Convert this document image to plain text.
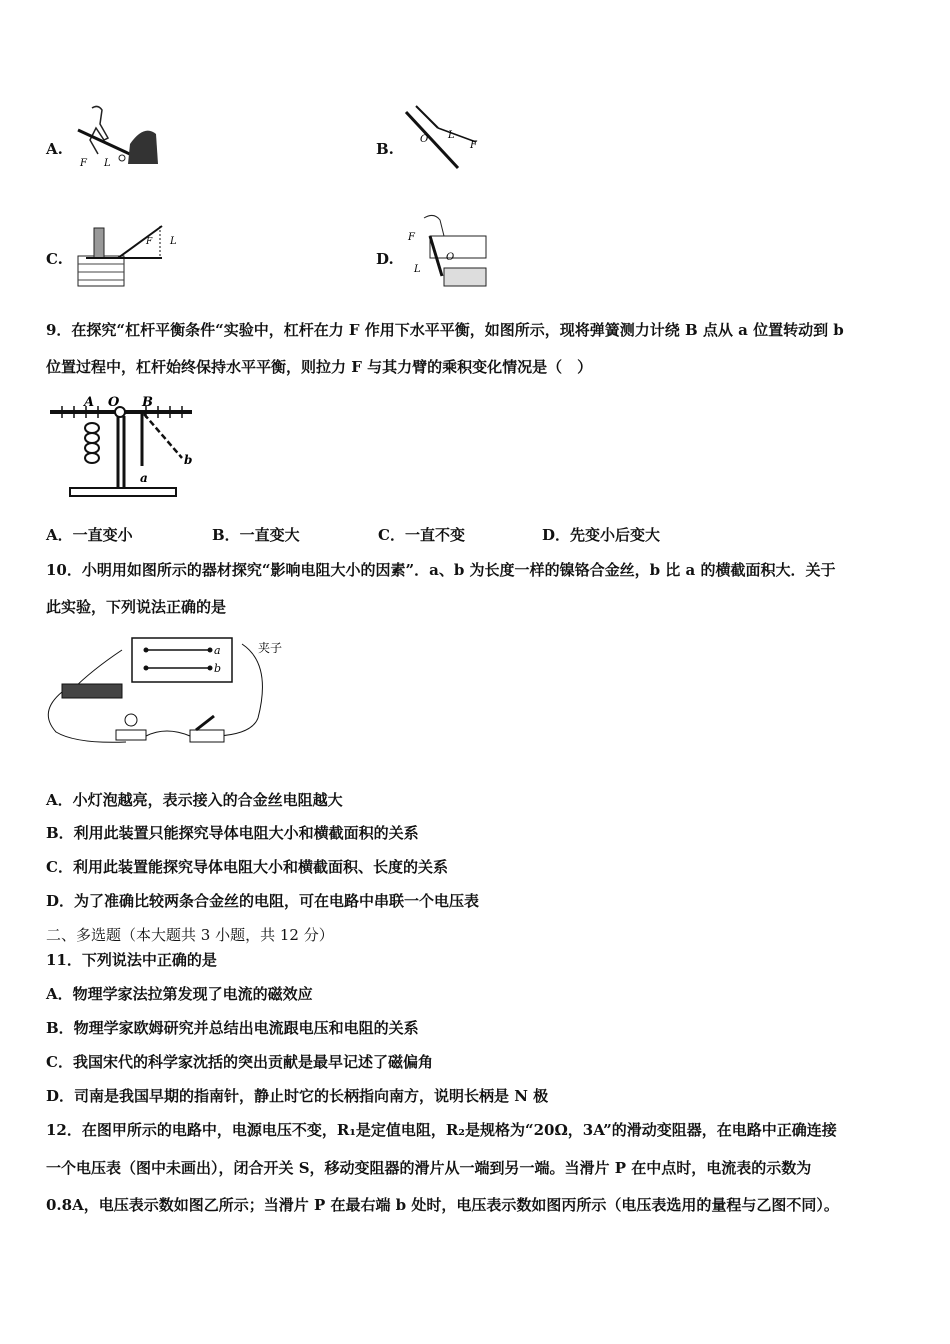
A.
F L
B.
O L
F
C.
F L
D.
F
L
O
9．在探究“杠杆平衡条件“实验中，杠杆在力 F 作用下水平平衡，如图所示，现将弹簧测力计绕 B 点从 a 位置转动到 b
位置过程中，杠杆始终保持水平平衡，则拉力 F 与其力臂的乘积变化情况是（　）
A O B
a
b
A．一直变小	B．一直变大	C．一直不变	D．先变小后变大
10．小明用如图所示的器材探究“影响电阻大小的因素”．a、b 为长度一样的镍铬合金丝，b 比 a 的横截面积大．关于
此实验，下列说法正确的是
a
b
夹子
A．小灯泡越亮，表示接入的合金丝电阻越大
B．利用此装置只能探究导体电阻大小和横截面积的关系
C．利用此装置能探究导体电阻大小和横截面积、长度的关系
D．为了准确比较两条合金丝的电阻，可在电路中串联一个电压表
二、多选题（本大题共 3 小题，共 12 分）
11．下列说法中正确的是
A．物理学家法拉第发现了电流的磁效应
B．物理学家欧姆研究并总结出电流跟电压和电阻的关系
C．我国宋代的科学家沈括的突出贡献是最早记述了磁偏角
D．司南是我国早期的指南针，静止时它的长柄指向南方，说明长柄是 N 极
12．在图甲所示的电路中，电源电压不变，R₁是定值电阻，R₂是规格为“20Ω，3A”的滑动变阻器，在电路中正确连接
一个电压表（图中未画出），闭合开关 S，移动变阻器的滑片从一端到另一端。当滑片 P 在中点时，电流表的示数为
0.8A，电压表示数如图乙所示；当滑片 P 在最右端 b 处时，电压表示数如图丙所示（电压表选用的量程与乙图不同）。
